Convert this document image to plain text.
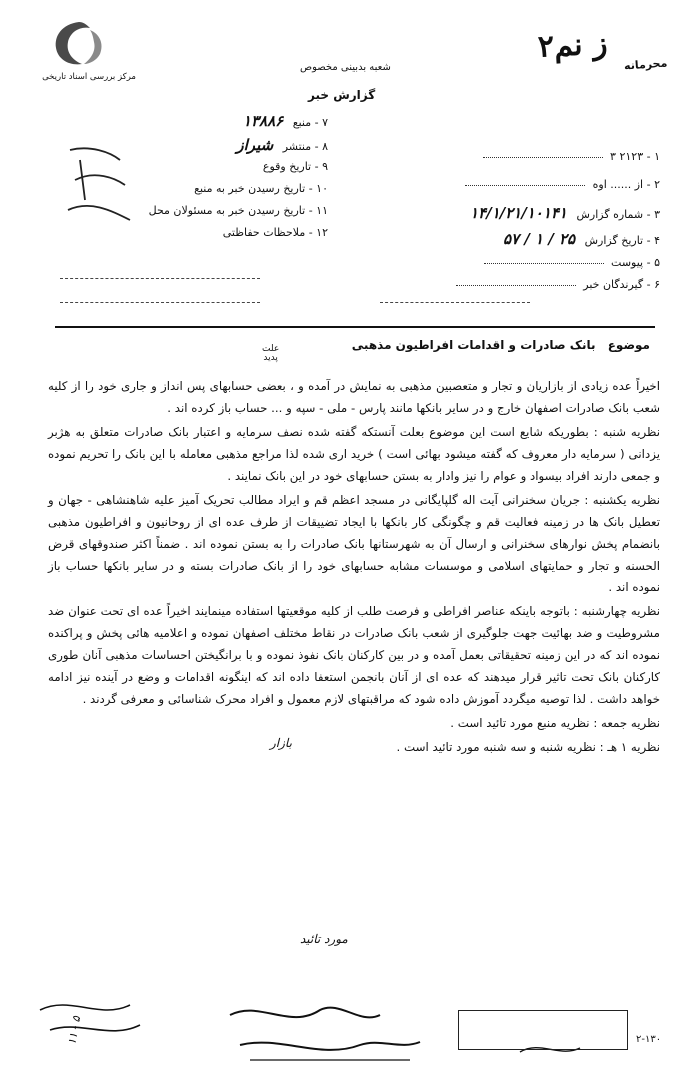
مرکز بررسی اسناد تاریخی
۲ز نم
محرمانه
شعبه بدبینی مخصوص
گزارش خبر
۱ - ۲۱۲۳ ۳
۲ - از ...... اوه
۳ - شماره گزارش ۱۴/۱/۲۱/۱۰۱۴۱
۴ - تاریخ گزارش ۲۵ / ۱ / ۵۷
۵ - پیوست
۶ - گیرندگان خبر
۷ - منبع ۱۳۸۸۶
۸ - منتشر شیراز
۹ - تاریخ وقوع
۱۰ - تاریخ رسیدن خبر به منبع
۱۱ - تاریخ رسیدن خبر به مسئولان محل
۱۲ - ملاحظات حفاظتی
موضوع بانک صادرات و اقدامات افراطیون مذهبی
علت
پدید

اخیراً عده زیادی از بازاریان و تجار و متعصبین مذهبی به نمایش در آمده و ، بعضی حسابهای پس انداز و جاری خود را از کلیه شعب بانک صادرات اصفهان خارج و در سایر بانکها مانند پارس - ملی - سپه و ... حساب باز کرده اند .

نظریه شنبه : بطوریکه شایع است این موضوع بعلت آنستکه گفته شده نصف سرمایه و اعتبار بانک صادرات متعلق به هژبر یزدانی ( سرمایه دار معروف که گفته میشود بهائی است ) خرید اری شده لذا مراجع مذهبی معامله با این بانک را تحریم نموده و جمعی دارند افراد بیسواد و عوام را نیز وادار به بستن حسابهای خود در این بانک نمایند .

نظریه یکشنبه : جریان سخنرانی آیت اله گلپایگانی در مسجد اعظم قم و ایراد مطالب تحریک آمیز علیه شاهنشاهی - جهان و تعطیل بانک ها در زمینه فعالیت قم و چگونگی کار بانکها با ایجاد تضییقات از طرف عده ای از روحانیون و افراطیون مذهبی بانضمام پخش نوارهای سخنرانی و ارسال آن به شهرستانها بانک صادرات را به بستن نموده اند . ضمناً اکثر صندوقهای قرض الحسنه و تجار و حمایتهای اسلامی و موسسات مشابه حسابهای خود را از بانک صادرات بسته و در سایر بانکها حساب باز نموده اند .

نظریه چهارشنبه : باتوجه باینکه عناصر افراطی و فرصت طلب از کلیه موقعیتها استفاده مینمایند اخیراً عده ای تحت عنوان ضد مشروطیت و ضد بهائیت جهت جلوگیری از شعب بانک صادرات در نقاط مختلف اصفهان نموده و اعلامیه هائی پخش و پراکنده نموده اند که در این زمینه تحقیقاتی بعمل آمده و در بین کارکنان بانک نفوذ نموده و با برانگیختن احساسات مذهبی آنان طوری کارکنان بانک تحت تاثیر قرار میدهند که عده ای از آنان بانجمن استعفا داده اند که اینگونه اقدامات و وضع در آینده نیز ادامه خواهد داشت . لذا توصیه میگردد آموزش داده شود که مراقبتهای لازم معمول و افراد محرک شناسائی و معرفی گردند .

نظریه جمعه : نظریه منبع مورد تائید است .

نظریه ۱ هـ : نظریه شنبه و سه شنبه مورد تائید است .

بازار
مورد تائید
۲-۱۳۰
۱۱ - ۵
